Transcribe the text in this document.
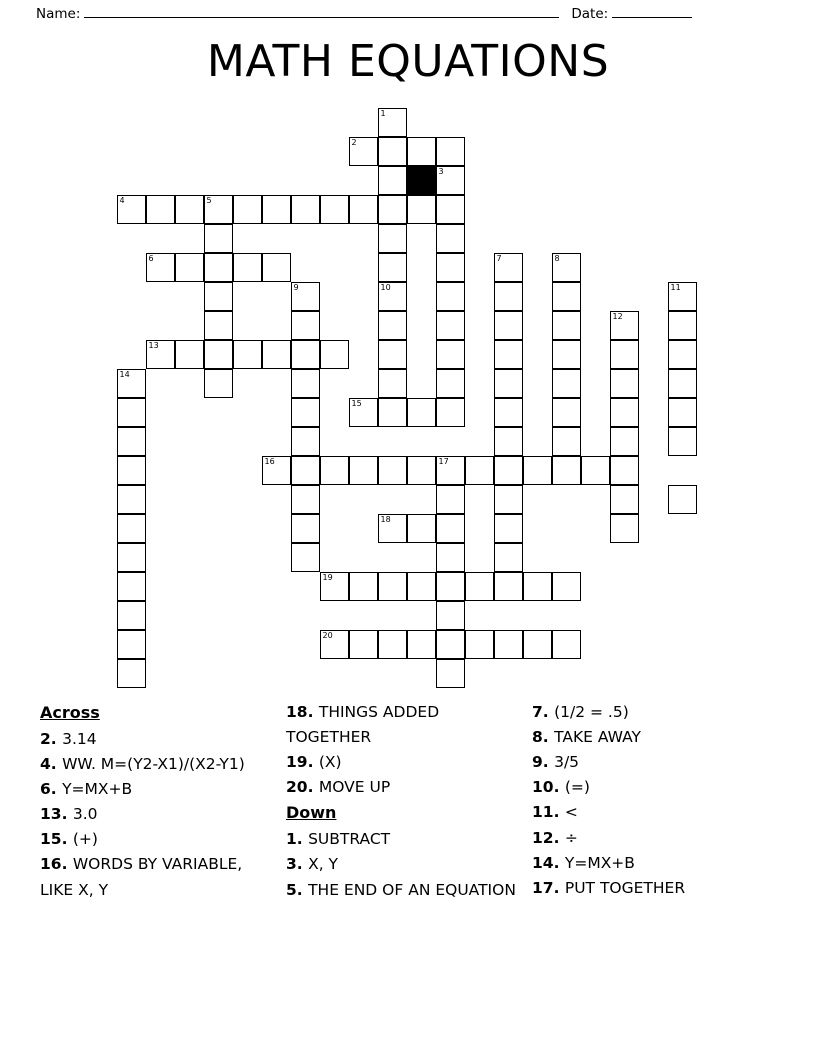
Name:	Date:
MATH EQUATIONS
1
2
3
4	5
6	7	8
9	10	11
12
13
14
15
16	17
18
19
20
Across
2. 3.14
4. WW. M=(Y2-X1)/(X2-Y1)
6. Y=MX+B
13. 3.0
15. (+)
16. WORDS BY VARIABLE, LIKE X, Y
18. THINGS ADDED TOGETHER
19. (X)
20. MOVE UP
Down
1. SUBTRACT
3. X, Y
5. THE END OF AN EQUATION
7. (1/2 = .5)
8. TAKE AWAY
9. 3/5
10. (=)
11. <
12. ÷
14. Y=MX+B
17. PUT TOGETHER
